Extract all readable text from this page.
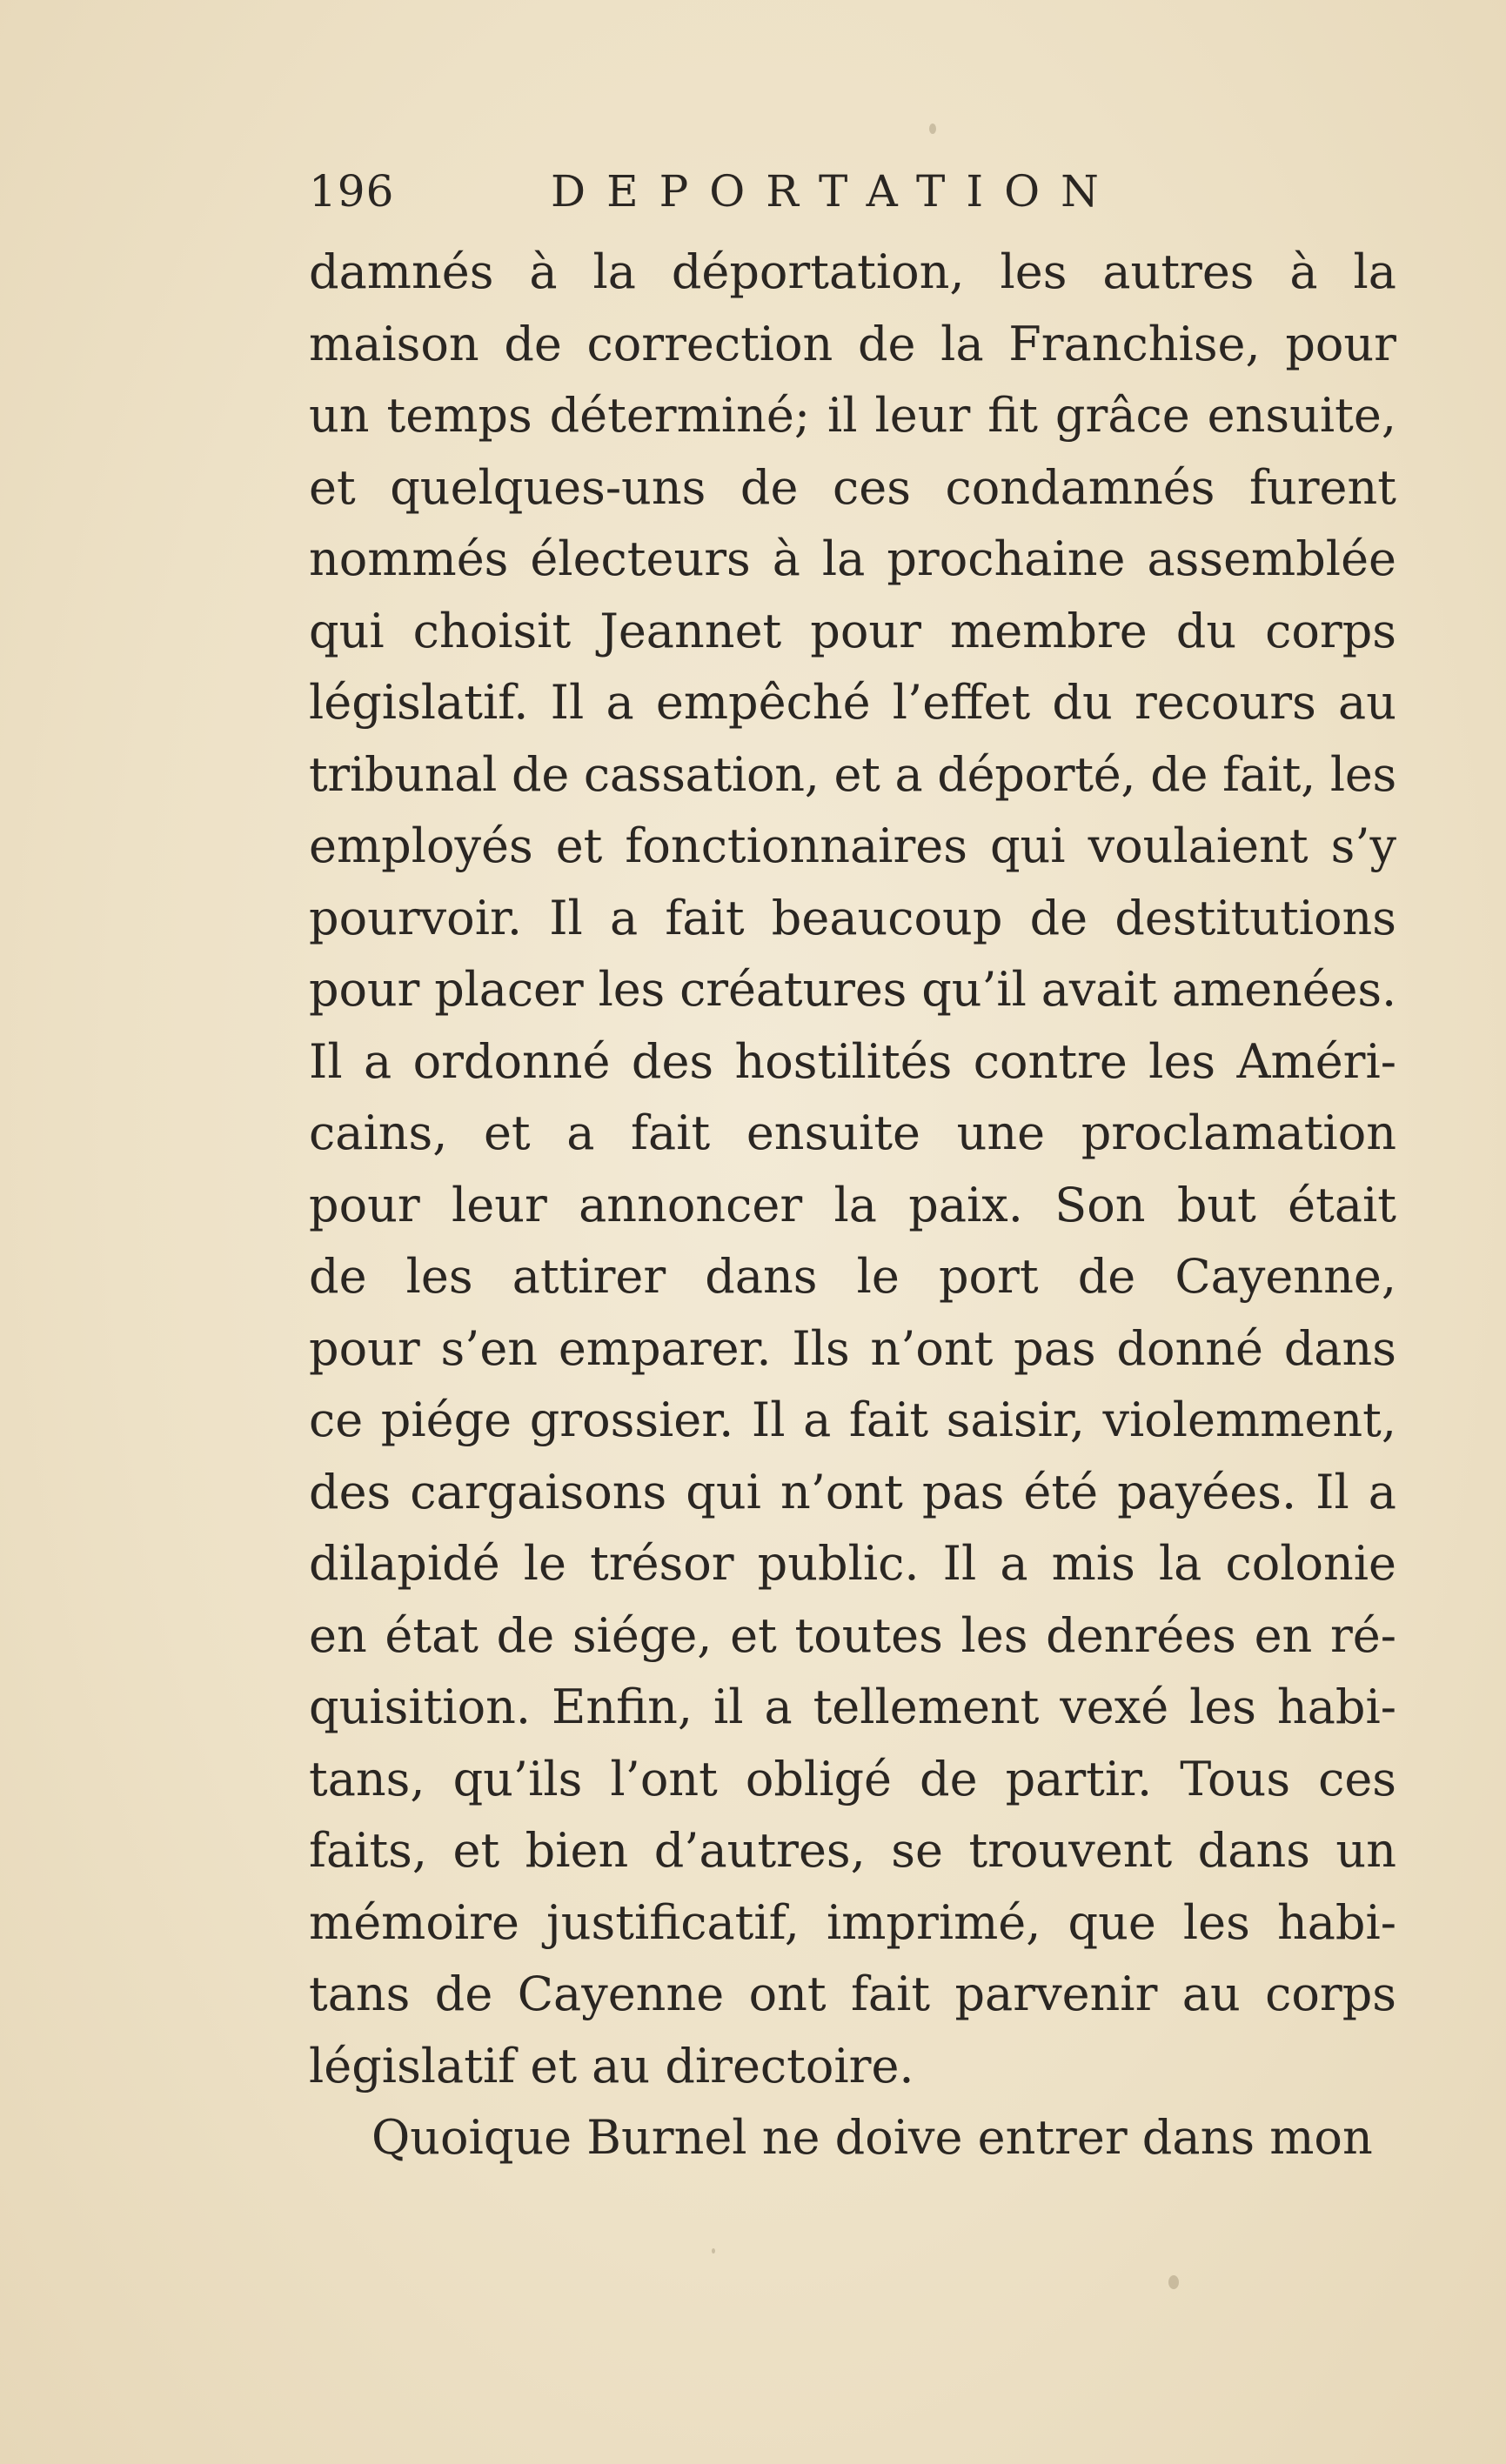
196	DEPORTATION
damnés à la déportation, les autres à la
maison de correction de la Franchise, pour
un temps déterminé; il leur fit grâce ensuite,
et quelques-uns de ces condamnés furent
nommés électeurs à la prochaine assemblée
qui choisit Jeannet pour membre du corps
législatif. Il a empêché l’effet du recours au
tribunal de cassation, et a déporté, de fait, les
employés et fonctionnaires qui voulaient s’y
pourvoir. Il a fait beaucoup de destitutions
pour placer les créatures qu’il avait amenées.
Il a ordonné des hostilités contre les Améri-
cains, et a fait ensuite une proclamation
pour leur annoncer la paix. Son but était
de les attirer dans le port de Cayenne,
pour s’en emparer. Ils n’ont pas donné dans
ce piége grossier. Il a fait saisir, violemment,
des cargaisons qui n’ont pas été payées. Il a
dilapidé le trésor public. Il a mis la colonie
en état de siége, et toutes les denrées en ré-
quisition. Enfin, il a tellement vexé les habi-
tans, qu’ils l’ont obligé de partir. Tous ces
faits, et bien d’autres, se trouvent dans un
mémoire justificatif, imprimé, que les habi-
tans de Cayenne ont fait parvenir au corps
législatif et au directoire.
Quoique Burnel ne doive entrer dans mon
